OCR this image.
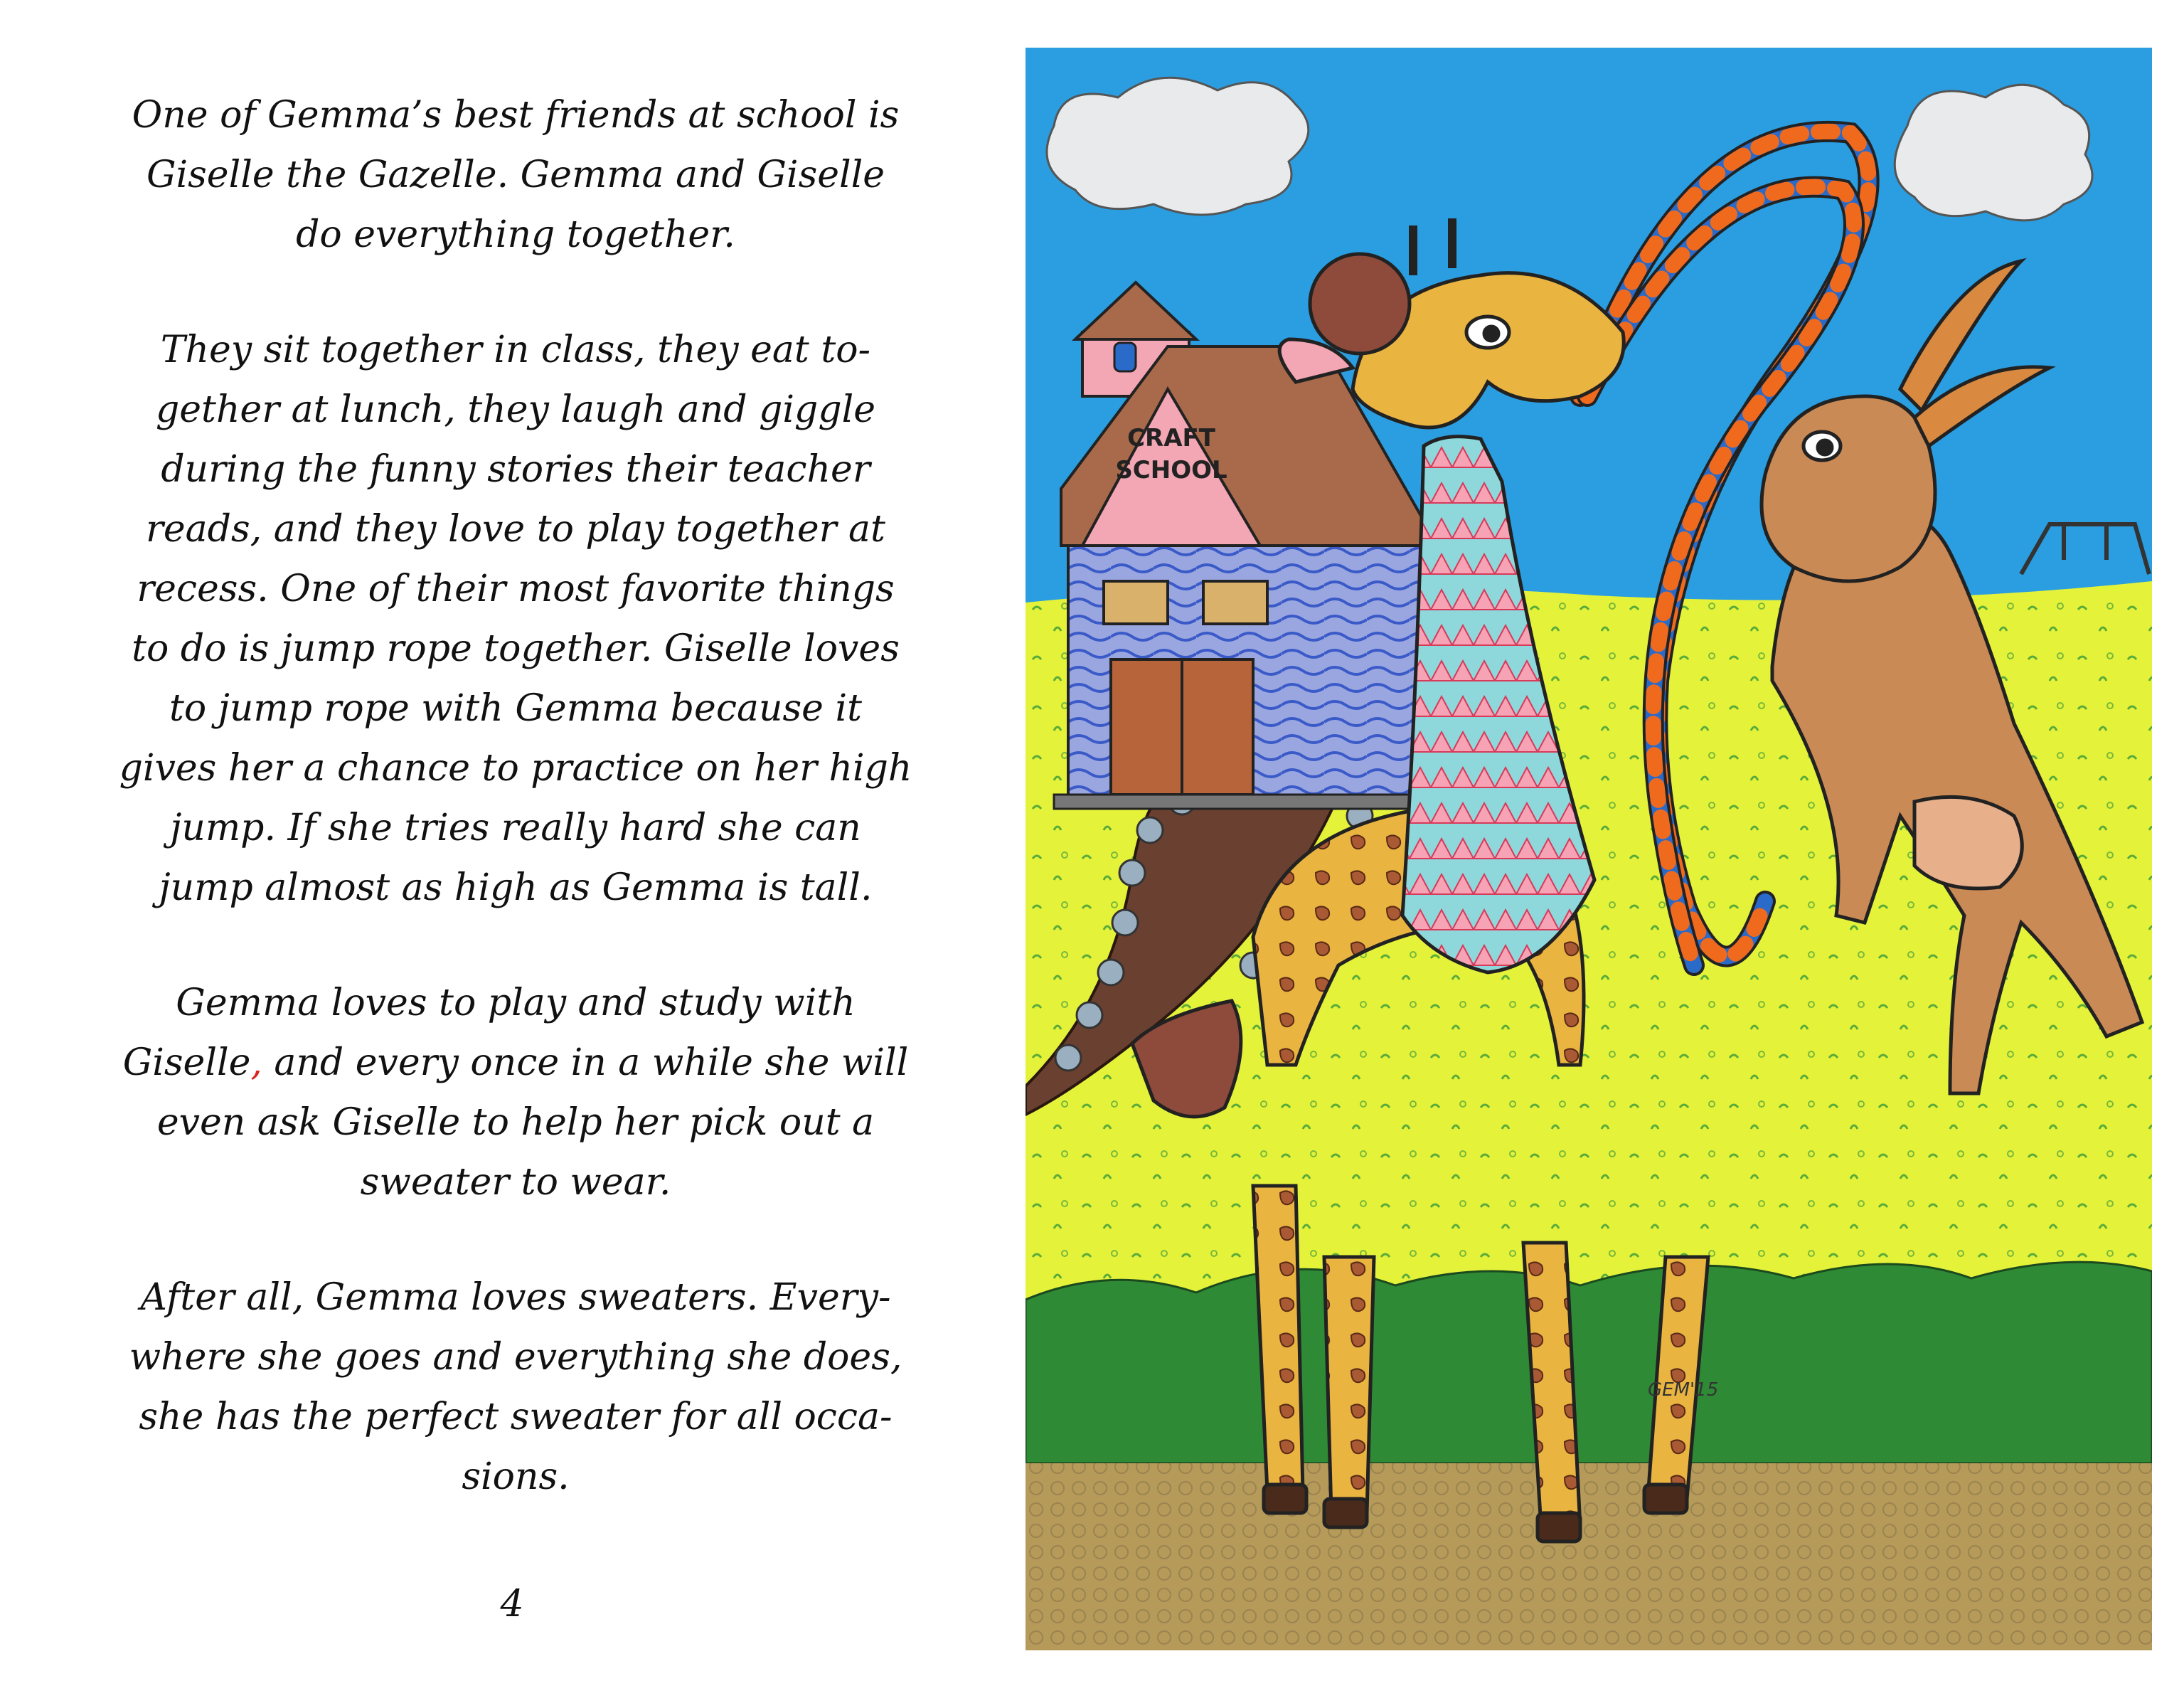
One of Gemma’s best friends at school is
Giselle the Gazelle. Gemma and Giselle
do everything together.
They sit together in class, they eat to-
gether at lunch, they laugh and giggle
during the funny stories their teacher
reads, and they love to play together at
recess. One of their most favorite things
to do is jump rope together. Giselle loves
to jump rope with Gemma because it
gives her a chance to practice on her high
jump. If she tries really hard she can
jump almost as high as Gemma is tall.
Gemma loves to play and study with
Giselle, and every once in a while she will
even ask Giselle to help her pick out a
sweater to wear.
After all, Gemma loves sweaters. Every-
where she goes and everything she does,
she has the perfect sweater for all occa-
sions.
4
CRAFT
SCHOOL
GEM'15
